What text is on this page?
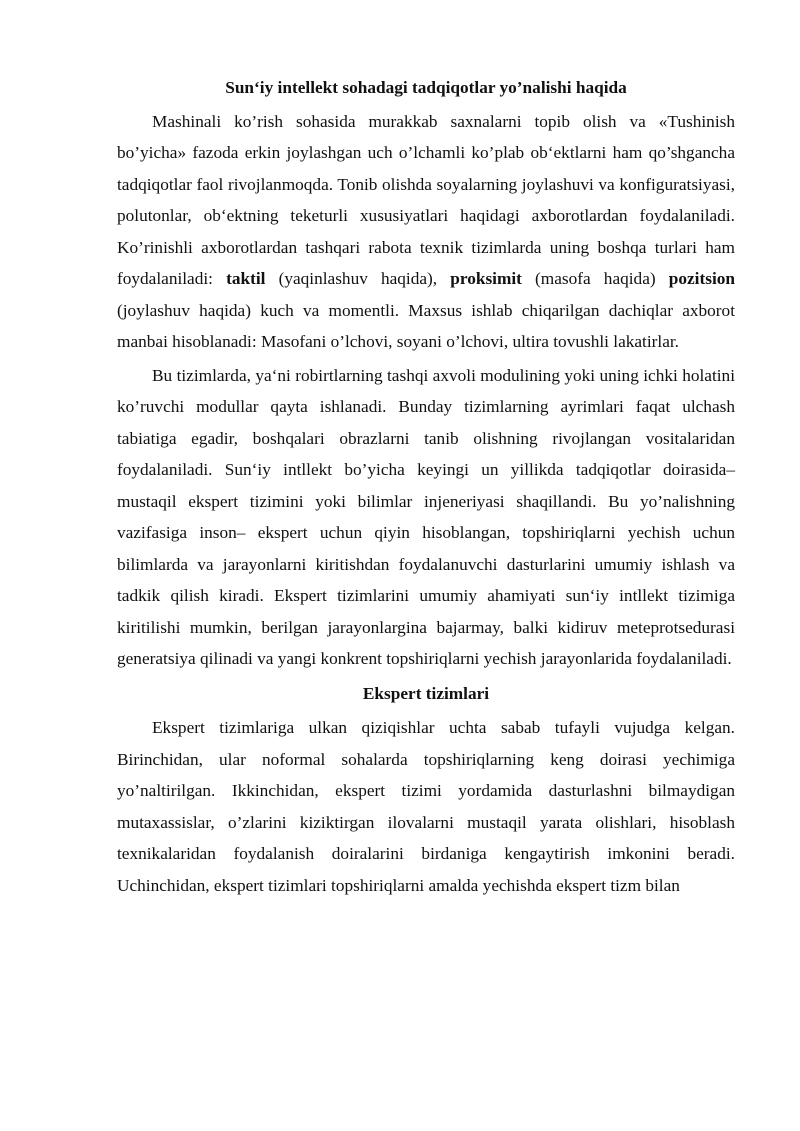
Sun‘iy intellekt sohadagi tadqiqotlar yo’nalishi haqida

Mashinali ko’rish sohasida murakkab saxnalarni topib olish va «Tushinish bo’yicha» fazoda erkin joylashgan uch o’lchamli ko’plab ob‘ektlarni ham qo’shgancha tadqiqotlar faol rivojlanmoqda. Tonib olishda soyalarning joylashuvi va konfiguratsiyasi, polutonlar, ob‘ektning teketurli xususiyatlari haqidagi axborotlardan foydalaniladi. Ko’rinishli axborotlardan tashqari rabota texnik tizimlarda uning boshqa turlari ham foydalaniladi: taktil (yaqinlashuv haqida), proksimit (masofa haqida) pozitsion (joylashuv haqida) kuch va momentli. Maxsus ishlab chiqarilgan dachiqlar axborot manbai hisoblanadi: Masofani o’lchovi, soyani o’lchovi, ultira tovushli lakatirlar.

Bu tizimlarda, ya‘ni robirtlarning tashqi axvoli modulining yoki uning ichki holatini ko’ruvchi modullar qayta ishlanadi. Bunday tizimlarning ayrimlari faqat ulchash tabiatiga egadir, boshqalari obrazlarni tanib olishning rivojlangan vositalaridan foydalaniladi. Sun‘iy intllekt bo’yicha keyingi un yillikda tadqiqotlar doirasida– mustaqil ekspert tizimini yoki bilimlar injeneriyasi shaqillandi. Bu yo’nalishning vazifasiga inson– ekspert uchun qiyin hisoblangan, topshiriqlarni yechish uchun bilimlarda va jarayonlarni kiritishdan foydalanuvchi dasturlarini umumiy ishlash va tadkik qilish kiradi. Ekspert tizimlarini umumiy ahamiyati sun‘iy intllekt tizimiga kiritilishi mumkin, berilgan jarayonlargina bajarmay, balki kidiruv meteprotsedurasi generatsiya qilinadi va yangi konkrent topshiriqlarni yechish jarayonlarida foydalaniladi.

Ekspert tizimlari

Ekspert tizimlariga ulkan qiziqishlar uchta sabab tufayli vujudga kelgan. Birinchidan, ular noformal sohalarda topshiriqlarning keng doirasi yechimiga yo’naltirilgan. Ikkinchidan, ekspert tizimi yordamida dasturlashni bilmaydigan mutaxassislar, o’zlarini kiziktirgan ilovalarni mustaqil yarata olishlari, hisoblash texnikalaridan foydalanish doiralarini birdaniga kengaytirish imkonini beradi. Uchinchidan, ekspert tizimlari topshiriqlarni amalda yechishda ekspert tizm bilan
